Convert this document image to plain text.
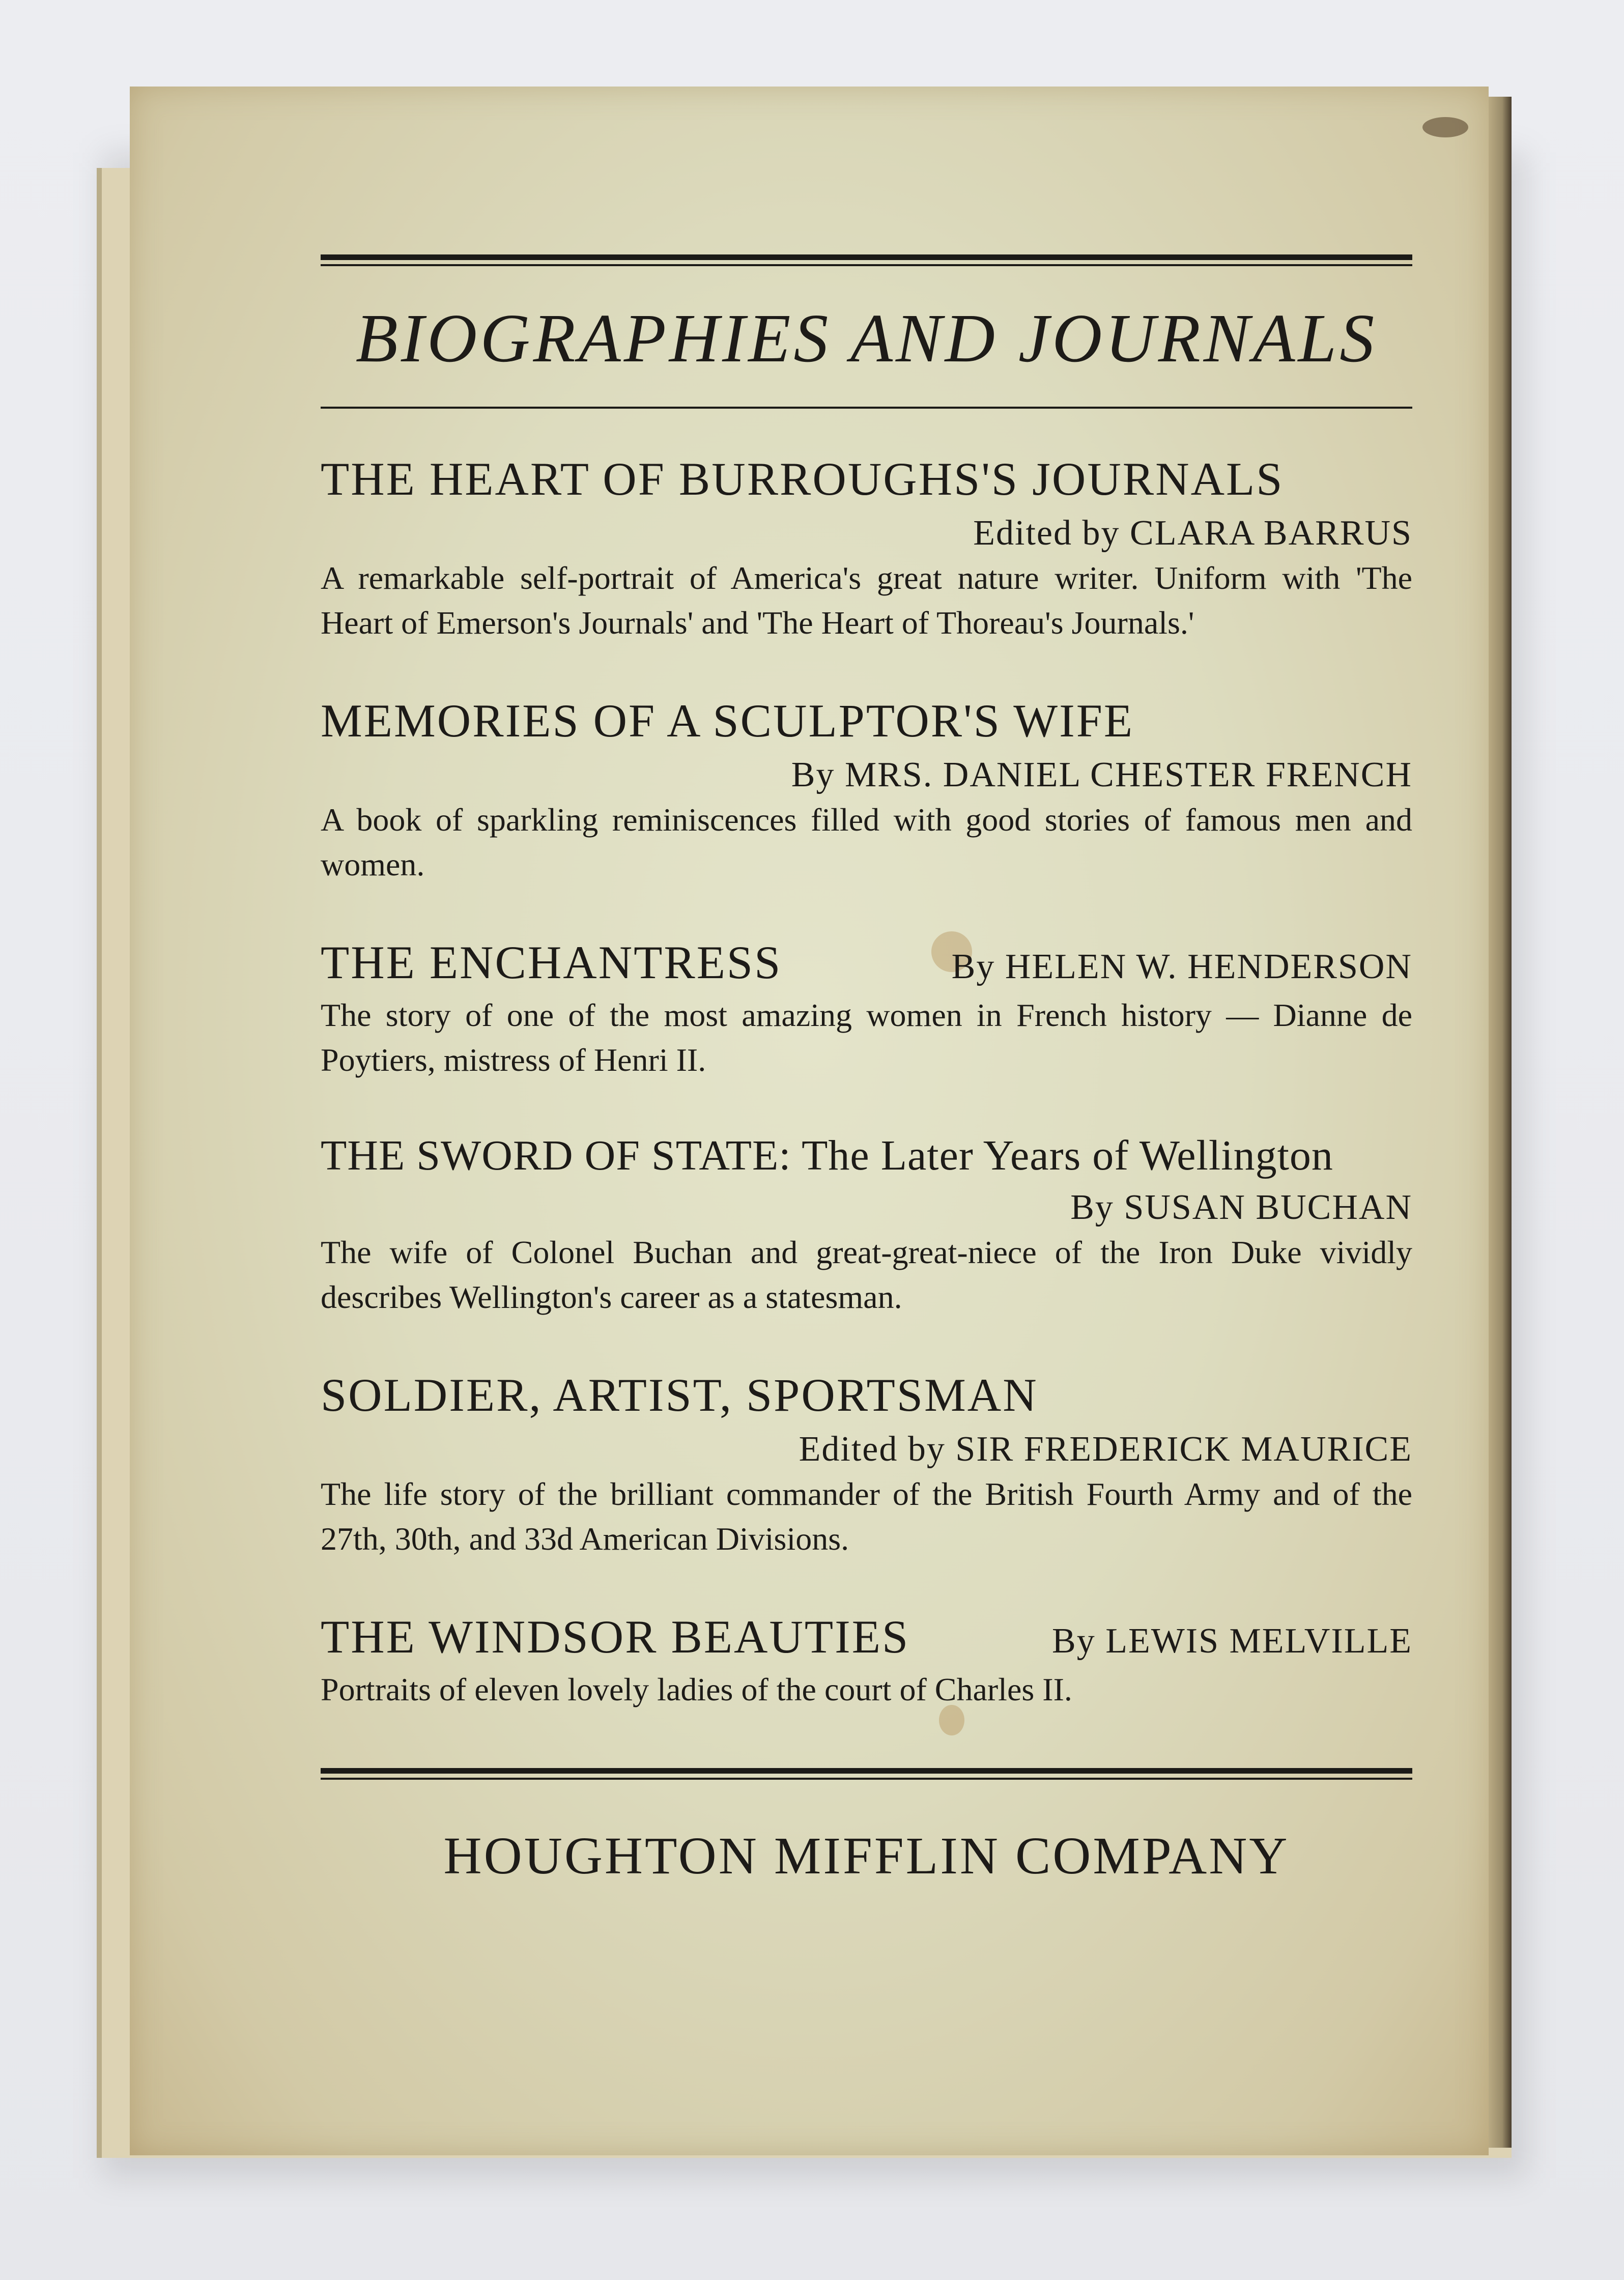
BIOGRAPHIES AND JOURNALS
THE HEART OF BURROUGHS'S JOURNALS
Edited by CLARA BARRUS
A remarkable self-portrait of America's great nature writer. Uniform with 'The Heart of Emerson's Journals' and 'The Heart of Thoreau's Journals.'
MEMORIES OF A SCULPTOR'S WIFE
By MRS. DANIEL CHESTER FRENCH
A book of sparkling reminiscences filled with good stories of famous men and women.
THE ENCHANTRESS	By HELEN W. HENDERSON
The story of one of the most amazing women in French history — Dianne de Poytiers, mistress of Henri II.
THE SWORD OF STATE: The Later Years of Wellington
By SUSAN BUCHAN
The wife of Colonel Buchan and great-great-niece of the Iron Duke vividly describes Wellington's career as a statesman.
SOLDIER, ARTIST, SPORTSMAN
Edited by SIR FREDERICK MAURICE
The life story of the brilliant commander of the British Fourth Army and of the 27th, 30th, and 33d American Divisions.
THE WINDSOR BEAUTIES	By LEWIS MELVILLE
Portraits of eleven lovely ladies of the court of Charles II.
HOUGHTON MIFFLIN COMPANY
